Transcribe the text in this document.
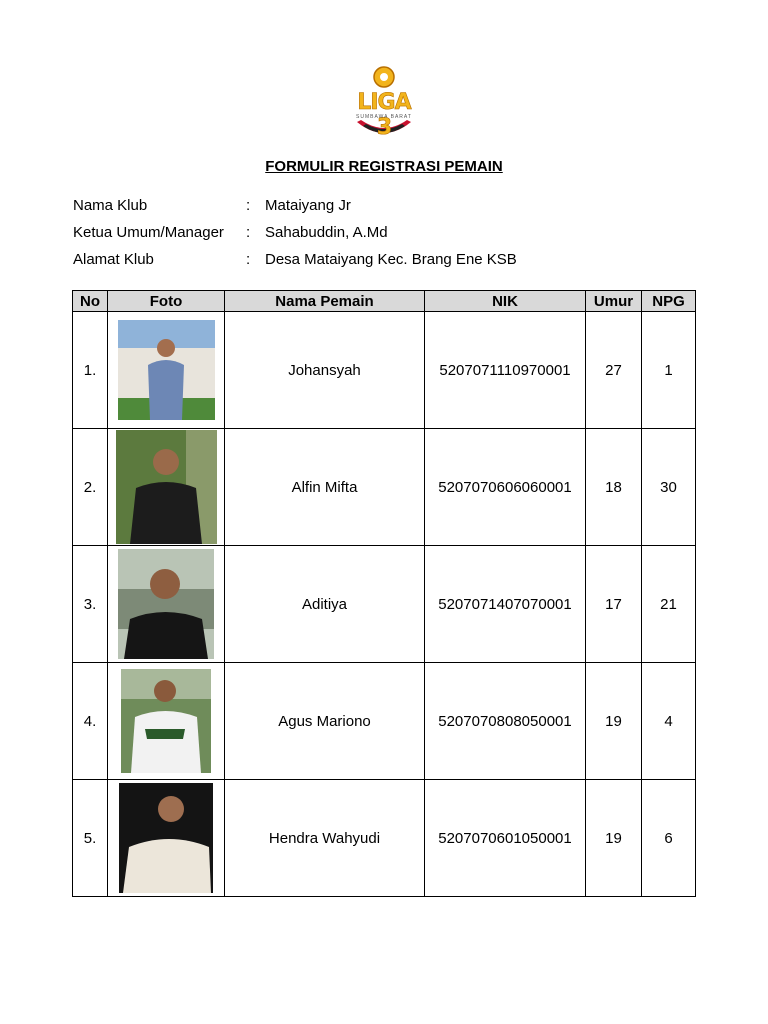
LIGA 3
SUMBAWA BARAT
FORMULIR REGISTRASI PEMAIN
Nama Klub	: Mataiyang Jr
Ketua Umum/Manager	: Sahabuddin, A.Md
Alamat Klub	: Desa Mataiyang Kec. Brang Ene KSB
No	Foto	Nama Pemain	NIK	Umur	NPG
1.		Johansyah	5207071110970001	27	1
2.		Alfin Mifta	5207070606060001	18	30
3.		Aditiya	5207071407070001	17	21
4.		Agus Mariono	5207070808050001	19	4
5.		Hendra Wahyudi	5207070601050001	19	6
